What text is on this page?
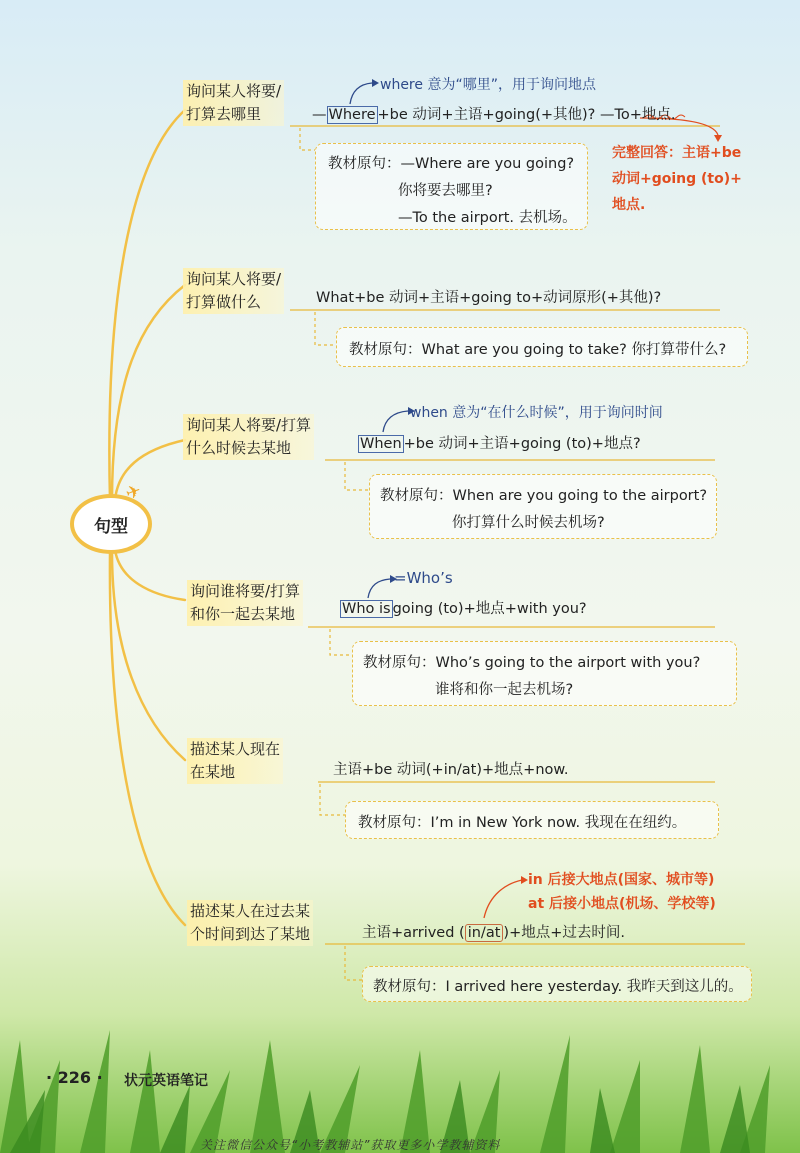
句型
✈
询问某人将要/
打算去哪里
where 意为“哪里”，用于询问地点
— Where +be 动词+主语+going(+其他)? —To+地点.
完整回答：主语+be
动词+going (to)+
地点.
教材原句：—Where are you going?
你将要去哪里?
—To the airport. 去机场。
询问某人将要/
打算做什么	What+be 动词+主语+going to+动词原形(+其他)?
教材原句：What are you going to take? 你打算带什么?
询问某人将要/打算
什么时候去某地
when 意为“在什么时候”，用于询问时间
When +be 动词+主语+going (to)+地点?
教材原句：When are you going to the airport?
你打算什么时候去机场?
询问谁将要/打算
和你一起去某地
=Who’s
Who is going (to)+地点+with you?
教材原句：Who’s going to the airport with you?
谁将和你一起去机场?
描述某人现在
在某地	主语+be 动词(+in/at)+地点+now.
教材原句：I’m in New York now. 我现在在纽约。
描述某人在过去某
个时间到达了某地
in 后接大地点(国家、城市等)
at 后接小地点(机场、学校等)
主语+arrived ( in/at )+地点+过去时间.
教材原句：I arrived here yesterday. 我昨天到这儿的。
· 226 · 状元英语笔记
关注微信公众号“小考教辅站”获取更多小学教辅资料
